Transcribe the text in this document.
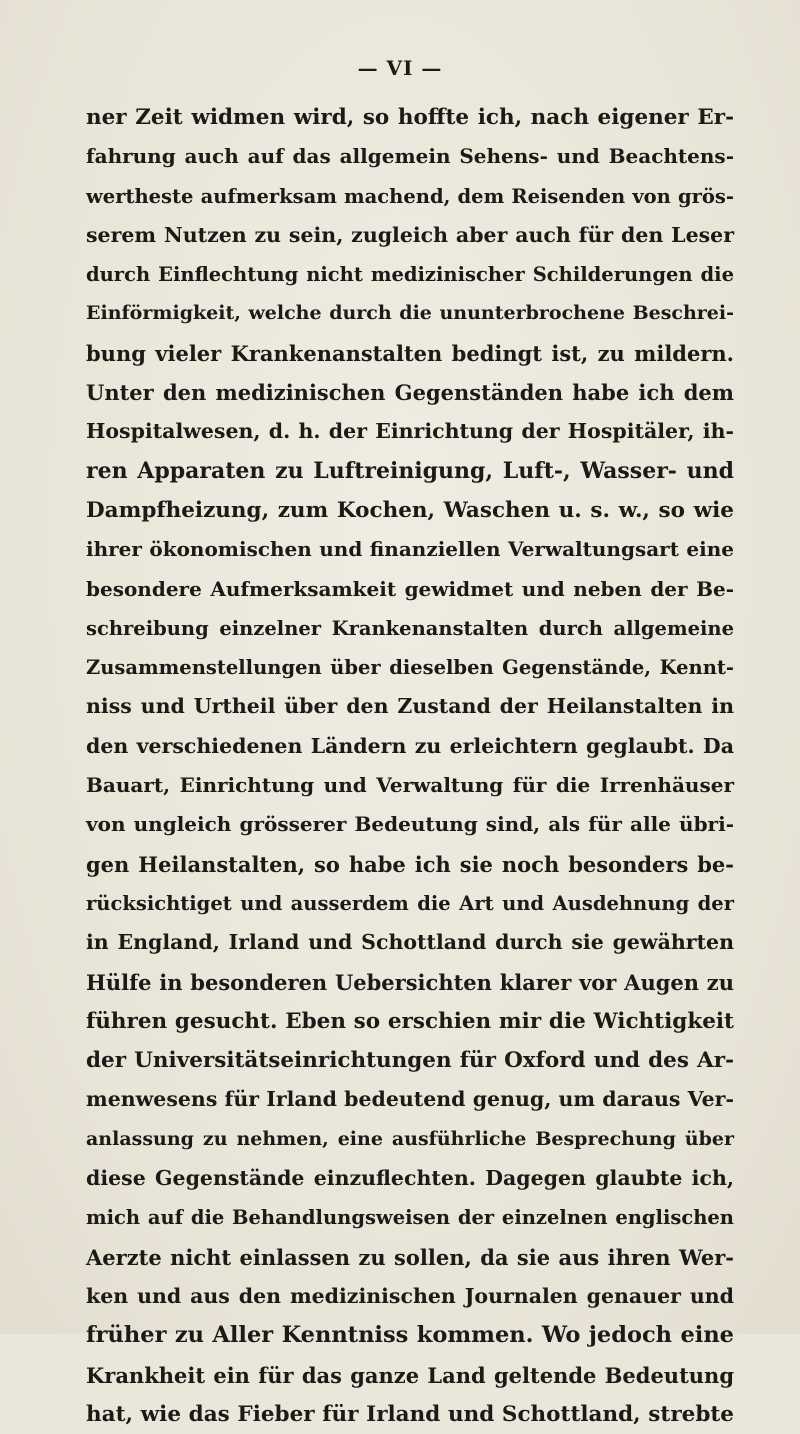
— VI —
ner Zeit widmen wird, so hoffte ich, nach eigener Er-
fahrung auch auf das allgemein Sehens- und Beachtens-
wertheste aufmerksam machend, dem Reisenden von grös-
serem Nutzen zu sein, zugleich aber auch für den Leser
durch Einflechtung nicht medizinischer Schilderungen die
Einförmigkeit, welche durch die ununterbrochene Beschrei-
bung vieler Krankenanstalten bedingt ist, zu mildern.
Unter den medizinischen Gegenständen habe ich dem
Hospitalwesen, d. h. der Einrichtung der Hospitäler, ih-
ren Apparaten zu Luftreinigung, Luft-, Wasser- und
Dampfheizung, zum Kochen, Waschen u. s. w., so wie
ihrer ökonomischen und finanziellen Verwaltungsart eine
besondere Aufmerksamkeit gewidmet und neben der Be-
schreibung einzelner Krankenanstalten durch allgemeine
Zusammenstellungen über dieselben Gegenstände, Kennt-
niss und Urtheil über den Zustand der Heilanstalten in
den verschiedenen Ländern zu erleichtern geglaubt. Da
Bauart, Einrichtung und Verwaltung für die Irrenhäuser
von ungleich grösserer Bedeutung sind, als für alle übri-
gen Heilanstalten, so habe ich sie noch besonders be-
rücksichtiget und ausserdem die Art und Ausdehnung der
in England, Irland und Schottland durch sie gewährten
Hülfe in besonderen Uebersichten klarer vor Augen zu
führen gesucht. Eben so erschien mir die Wichtigkeit
der Universitätseinrichtungen für Oxford und des Ar-
menwesens für Irland bedeutend genug, um daraus Ver-
anlassung zu nehmen, eine ausführliche Besprechung über
diese Gegenstände einzuflechten. Dagegen glaubte ich,
mich auf die Behandlungsweisen der einzelnen englischen
Aerzte nicht einlassen zu sollen, da sie aus ihren Wer-
ken und aus den medizinischen Journalen genauer und
früher zu Aller Kenntniss kommen. Wo jedoch eine
Krankheit ein für das ganze Land geltende Bedeutung
hat, wie das Fieber für Irland und Schottland, strebte
